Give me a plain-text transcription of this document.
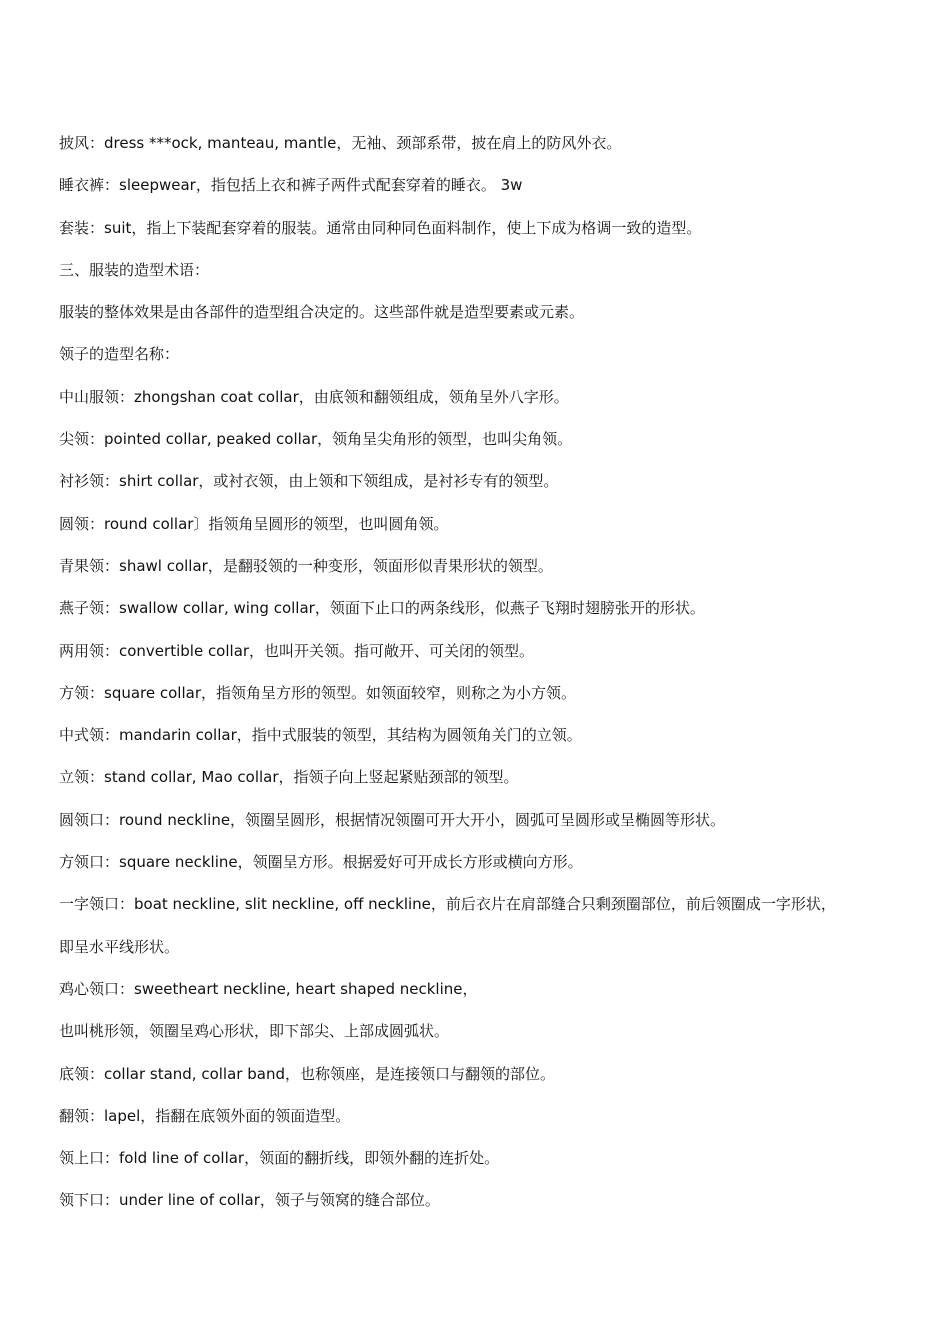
披风：dress ***ock, manteau, mantle，无袖、颈部系带，披在肩上的防风外衣。
睡衣裤：sleepwear，指包括上衣和裤子两件式配套穿着的睡衣。 3w
套装：suit，指上下装配套穿着的服装。通常由同种同色面料制作，使上下成为格调一致的造型。
三、服装的造型术语：
服装的整体效果是由各部件的造型组合决定的。这些部件就是造型要素或元素。
领子的造型名称：
中山服领：zhongshan coat collar，由底领和翻领组成，领角呈外八字形。
尖领：pointed collar, peaked collar，领角呈尖角形的领型，也叫尖角领。
衬衫领：shirt collar，或衬衣领，由上领和下领组成，是衬衫专有的领型。
圆领：round collar〕指领角呈圆形的领型，也叫圆角领。
青果领：shawl collar，是翻驳领的一种变形，领面形似青果形状的领型。
燕子领：swallow collar, wing collar，领面下止口的两条线形，似燕子飞翔时翅膀张开的形状。
两用领：convertible collar，也叫开关领。指可敞开、可关闭的领型。
方领：square collar，指领角呈方形的领型。如领面较窄，则称之为小方领。
中式领：mandarin collar，指中式服装的领型，其结构为圆领角关门的立领。
立领：stand collar, Mao collar，指领子向上竖起紧贴颈部的领型。
圆领口：round neckline，领圈呈圆形，根据情况领圈可开大开小，圆弧可呈圆形或呈椭圆等形状。
方领口：square neckline，领圈呈方形。根据爱好可开成长方形或横向方形。
一字领口：boat neckline, slit neckline, off neckline，前后衣片在肩部缝合只剩颈圈部位，前后领圈成一字形状，
即呈水平线形状。
鸡心领口：sweetheart neckline, heart shaped neckline，
也叫桃形领，领圈呈鸡心形状，即下部尖、上部成圆弧状。
底领：collar stand, collar band，也称领座，是连接领口与翻领的部位。
翻领：lapel，指翻在底领外面的领面造型。
领上口：fold line of collar，领面的翻折线，即领外翻的连折处。
领下口：under line of collar，领子与领窝的缝合部位。
